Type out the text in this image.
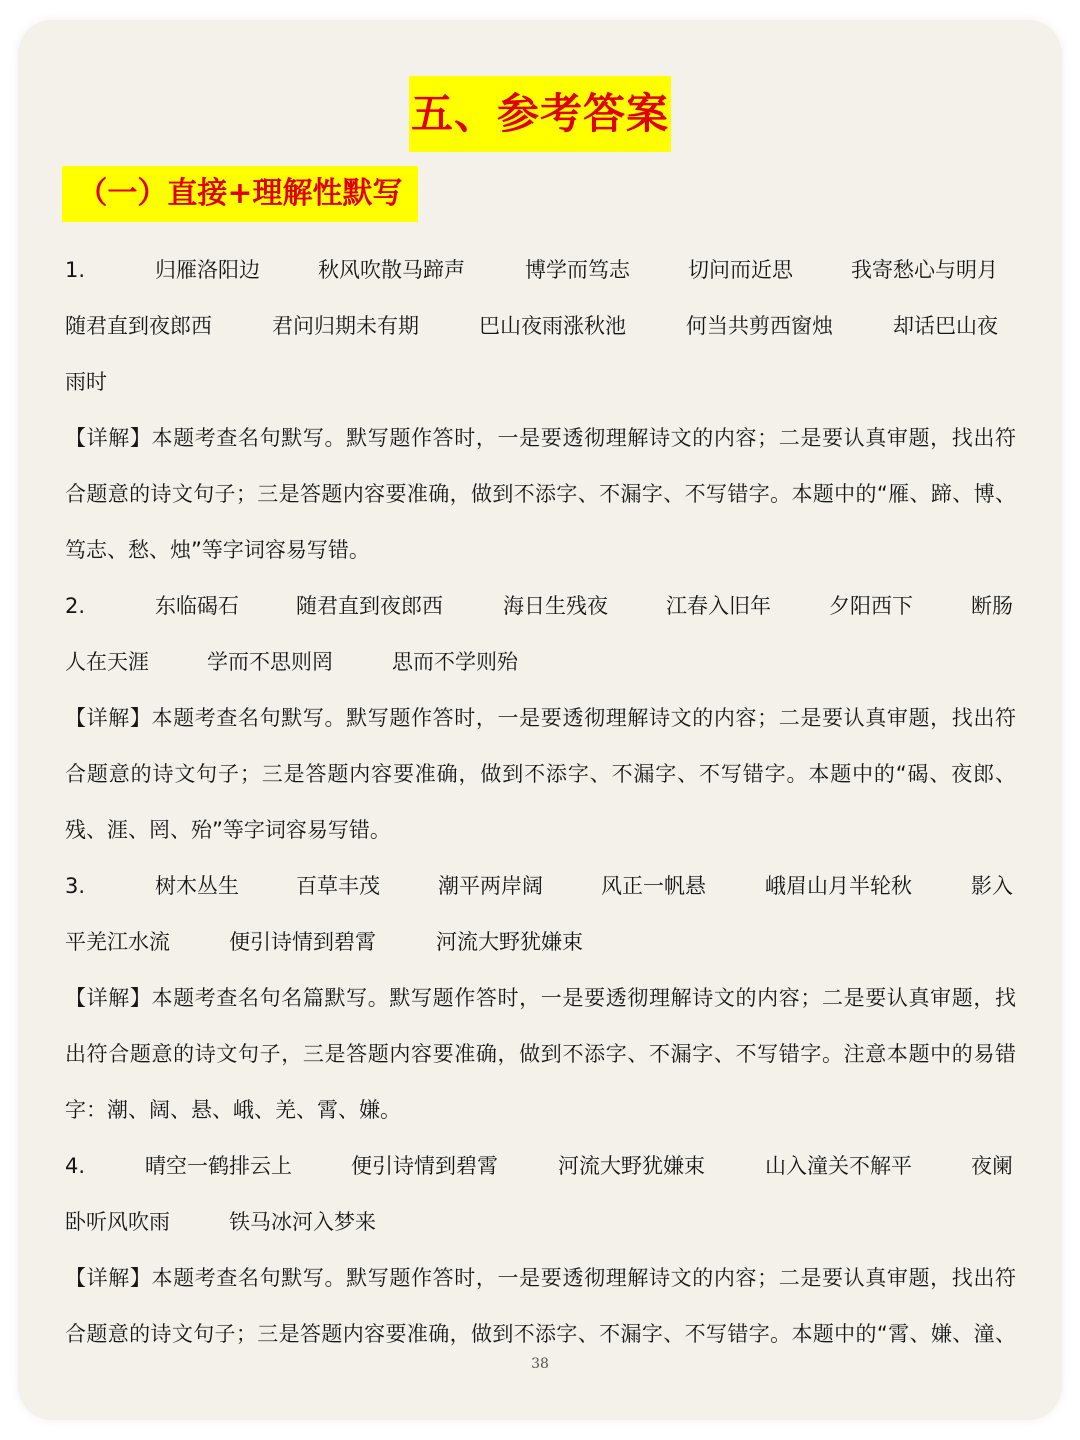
五、参考答案
（一）直接+理解性默写
1.	归雁洛阳边	秋风吹散马蹄声	博学而笃志	切问而近思	我寄愁心与明月
随君直到夜郎西	君问归期未有期	巴山夜雨涨秋池	何当共剪西窗烛	却话巴山夜
雨时
【详解】本题考查名句默写。默写题作答时，一是要透彻理解诗文的内容；二是要认真审题，找出符
合题意的诗文句子；三是答题内容要准确，做到不添字、不漏字、不写错字。本题中的“雁、蹄、博、
笃志、愁、烛”等字词容易写错。
2.	东临碣石	随君直到夜郎西	海日生残夜	江春入旧年	夕阳西下	断肠
人在天涯	学而不思则罔	思而不学则殆
【详解】本题考查名句默写。默写题作答时，一是要透彻理解诗文的内容；二是要认真审题，找出符
合题意的诗文句子；三是答题内容要准确，做到不添字、不漏字、不写错字。本题中的“碣、夜郎、
残、涯、罔、殆”等字词容易写错。
3.	树木丛生	百草丰茂	潮平两岸阔	风正一帆悬	峨眉山月半轮秋	影入
平羌江水流	便引诗情到碧霄	河流大野犹嫌束
【详解】本题考查名句名篇默写。默写题作答时，一是要透彻理解诗文的内容；二是要认真审题，找
出符合题意的诗文句子，三是答题内容要准确，做到不添字、不漏字、不写错字。注意本题中的易错
字：潮、阔、悬、峨、羌、霄、嫌。
4.	晴空一鹤排云上	便引诗情到碧霄	河流大野犹嫌束	山入潼关不解平	夜阑
卧听风吹雨	铁马冰河入梦来
【详解】本题考查名句默写。默写题作答时，一是要透彻理解诗文的内容；二是要认真审题，找出符
合题意的诗文句子；三是答题内容要准确，做到不添字、不漏字、不写错字。本题中的“霄、嫌、潼、
38
